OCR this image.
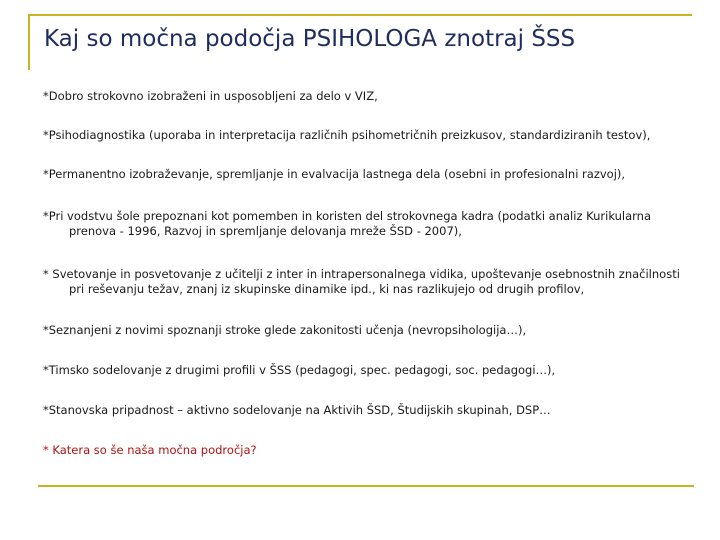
Kaj so močna podočja PSIHOLOGA znotraj ŠSS
*Dobro strokovno izobraženi in usposobljeni za delo v VIZ,
*Psihodiagnostika (uporaba in interpretacija različnih psihometričnih preizkusov, standardiziranih testov),
*Permanentno izobraževanje, spremljanje in evalvacija lastnega dela (osebni in profesionalni razvoj),
*Pri vodstvu šole prepoznani kot pomemben in koristen del strokovnega kadra (podatki analiz Kurikularna
prenova - 1996, Razvoj in spremljanje delovanja mreže ŠSD - 2007),
* Svetovanje in posvetovanje z učitelji z inter in intrapersonalnega vidika, upoštevanje osebnostnih značilnosti
pri reševanju težav, znanj iz skupinske dinamike ipd., ki nas razlikujejo od drugih profilov,
*Seznanjeni z novimi spoznanji stroke glede zakonitosti učenja (nevropsihologija…),
*Timsko sodelovanje z drugimi profili v ŠSS (pedagogi, spec. pedagogi, soc. pedagogi…),
*Stanovska pripadnost – aktivno sodelovanje na Aktivih ŠSD, Študijskih skupinah, DSP…
* Katera so še naša močna področja?
